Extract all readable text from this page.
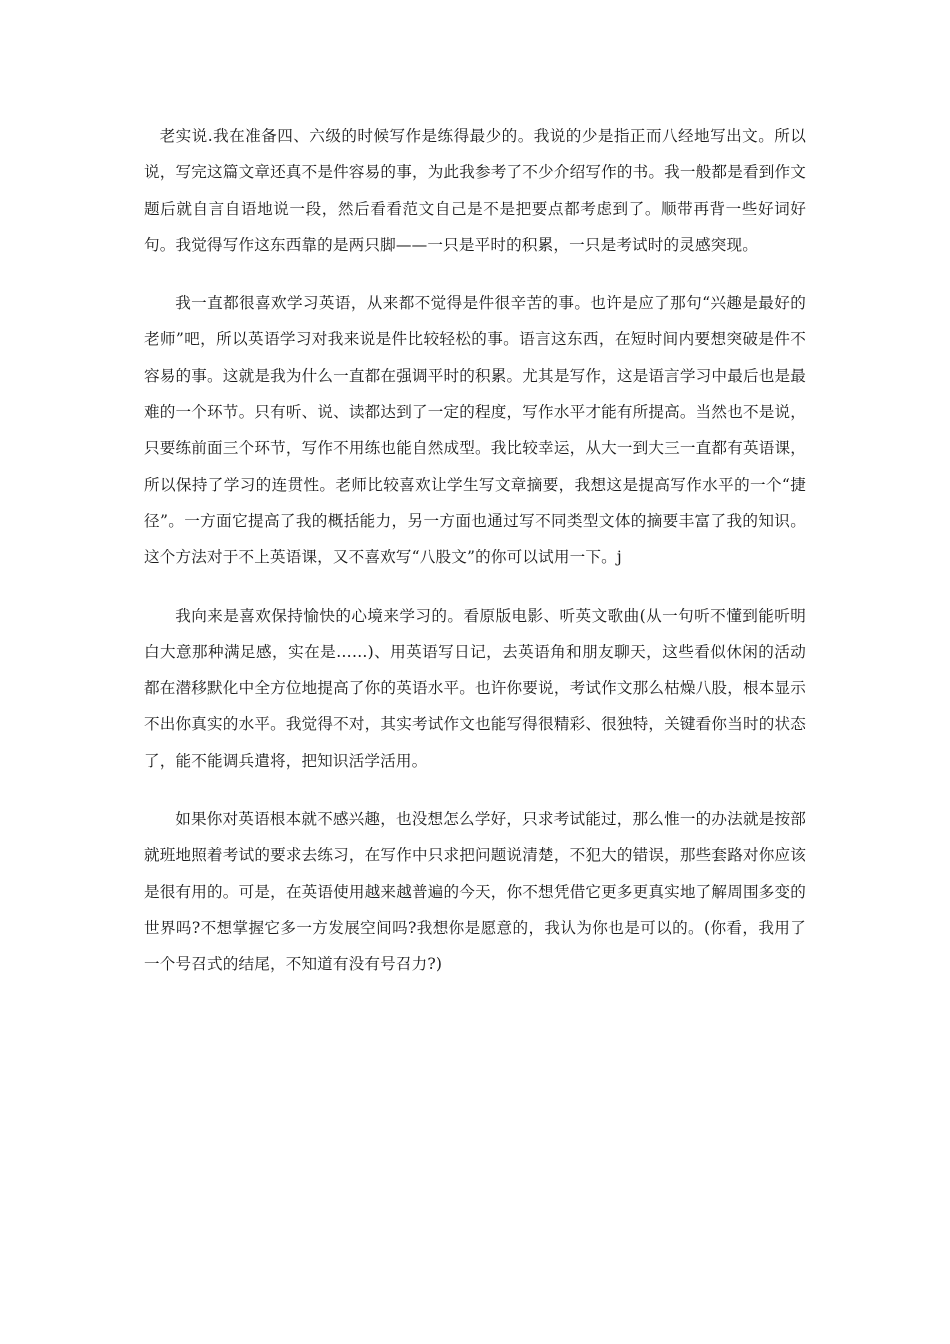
老实说.我在准备四、六级的时候写作是练得最少的。我说的少是指正而八经地写出文。所以说，写完这篇文章还真不是件容易的事，为此我参考了不少介绍写作的书。我一般都是看到作文题后就自言自语地说一段，然后看看范文自己是不是把要点都考虑到了。顺带再背一些好词好句。我觉得写作这东西靠的是两只脚——一只是平时的积累，一只是考试时的灵感突现。

我一直都很喜欢学习英语，从来都不觉得是件很辛苦的事。也许是应了那句“兴趣是最好的老师”吧，所以英语学习对我来说是件比较轻松的事。语言这东西，在短时间内要想突破是件不容易的事。这就是我为什么一直都在强调平时的积累。尤其是写作，这是语言学习中最后也是最难的一个环节。只有听、说、读都达到了一定的程度，写作水平才能有所提高。当然也不是说，只要练前面三个环节，写作不用练也能自然成型。我比较幸运，从大一到大三一直都有英语课，所以保持了学习的连贯性。老师比较喜欢让学生写文章摘要，我想这是提高写作水平的一个“捷径”。一方面它提高了我的概括能力，另一方面也通过写不同类型文体的摘要丰富了我的知识。这个方法对于不上英语课，又不喜欢写“八股文”的你可以试用一下。j

我向来是喜欢保持愉快的心境来学习的。看原版电影、听英文歌曲(从一句听不懂到能听明白大意那种满足感，实在是……)、用英语写日记，去英语角和朋友聊天，这些看似休闲的活动都在潜移默化中全方位地提高了你的英语水平。也许你要说，考试作文那么枯燥八股，根本显示不出你真实的水平。我觉得不对，其实考试作文也能写得很精彩、很独特，关键看你当时的状态了，能不能调兵遣将，把知识活学活用。

如果你对英语根本就不感兴趣，也没想怎么学好，只求考试能过，那么惟一的办法就是按部就班地照着考试的要求去练习，在写作中只求把问题说清楚，不犯大的错误，那些套路对你应该是很有用的。可是，在英语使用越来越普遍的今天，你不想凭借它更多更真实地了解周围多变的世界吗?不想掌握它多一方发展空间吗?我想你是愿意的，我认为你也是可以的。(你看，我用了一个号召式的结尾，不知道有没有号召力?)
